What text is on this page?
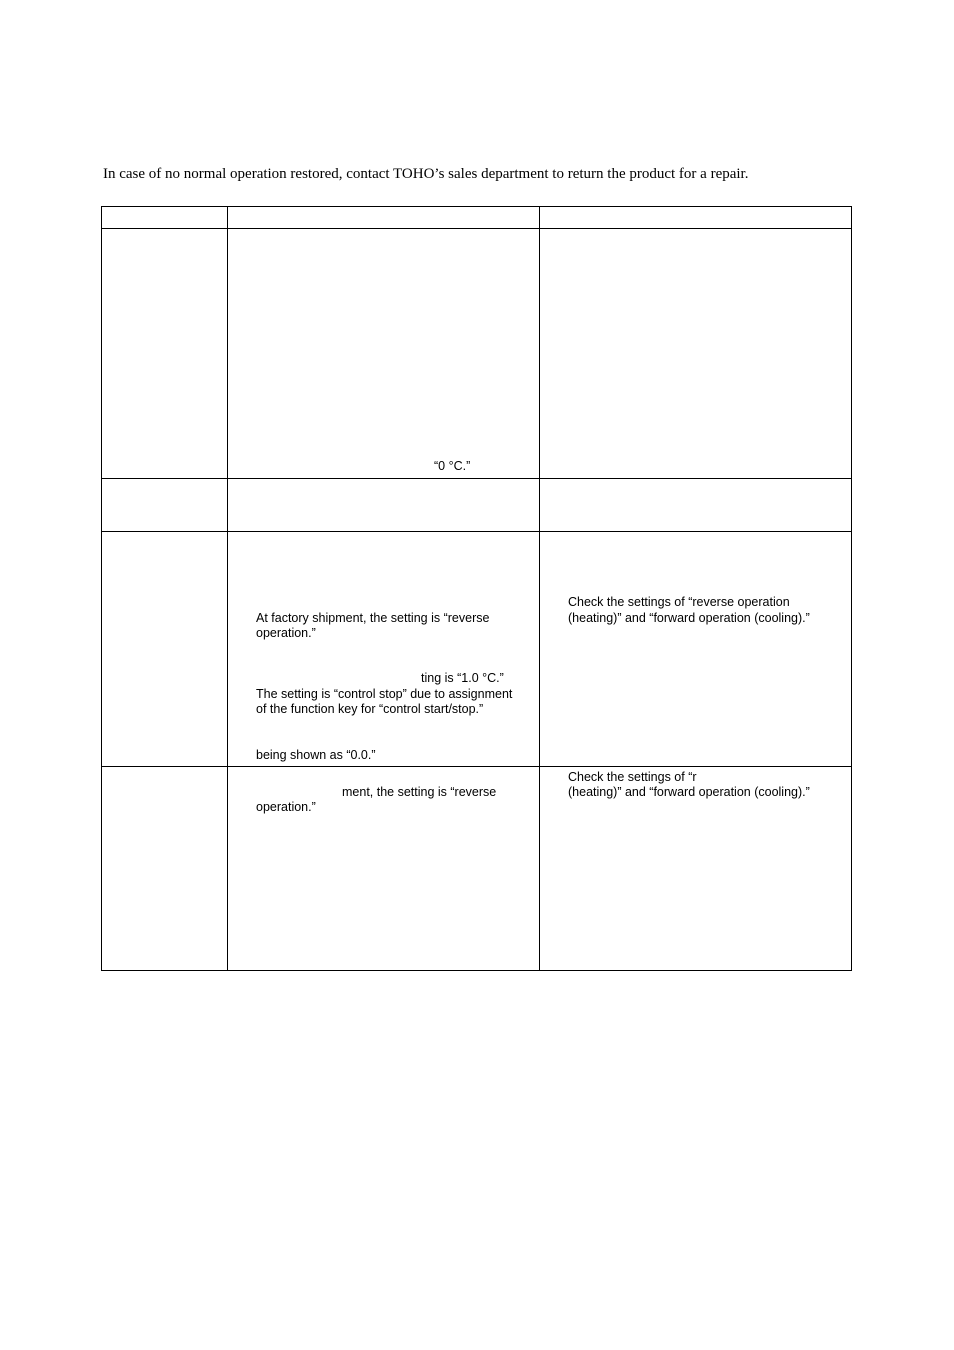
In case of no normal operation restored, contact TOHO’s sales department to return the product for a repair.
“0 °C.”
At factory shipment, the setting is “reverse
operation.”
ting is “1.0 °C.”
The setting is “control stop” due to assignment
of the function key for “control start/stop.”
being shown as “0.0.”
Check the settings of “reverse operation
(heating)” and “forward operation (cooling).”
ment, the setting is “reverse
operation.”
Check the settings of “r
(heating)” and “forward operation (cooling).”
